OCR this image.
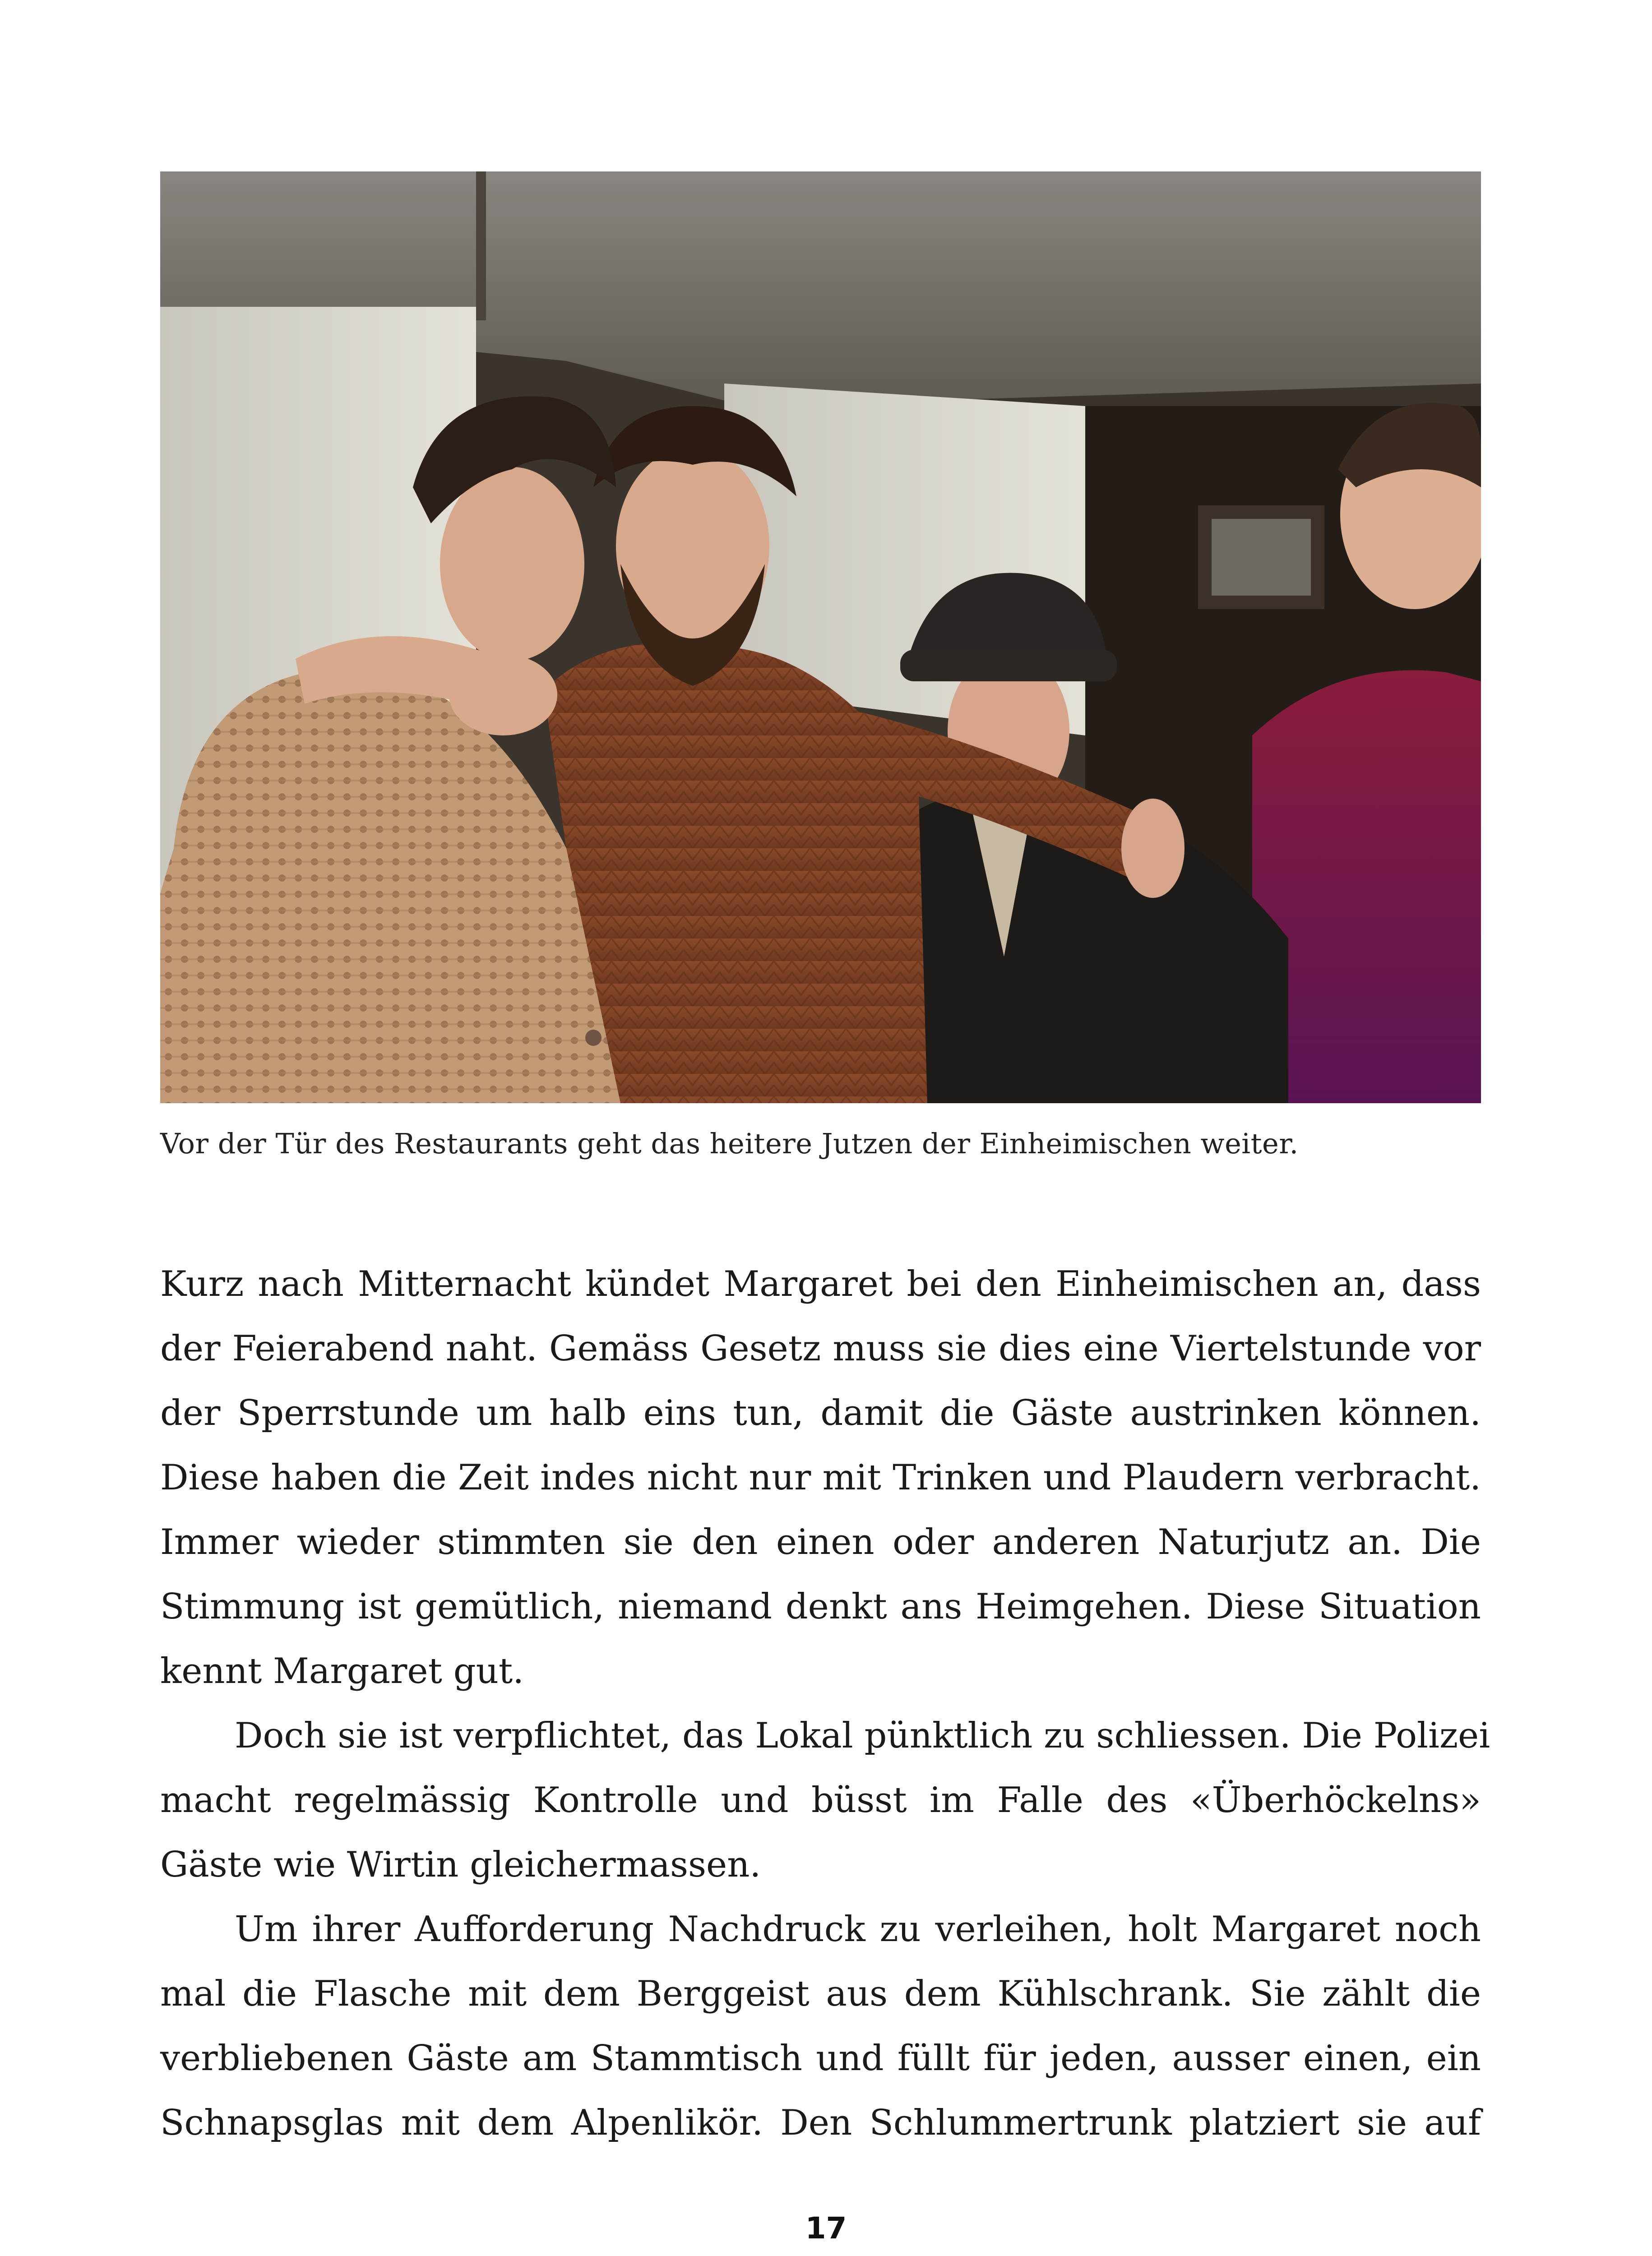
Vor der Tür des Restaurants geht das heitere Jutzen der Einheimischen weiter.
Kurz nach Mitternacht kündet Margaret bei den Einheimischen an, dass
der Feierabend naht. Gemäss Gesetz muss sie dies eine Viertelstunde vor
der Sperrstunde um halb eins tun, damit die Gäste austrinken können.
Diese haben die Zeit indes nicht nur mit Trinken und Plaudern verbracht.
Immer wieder stimmten sie den einen oder anderen Naturjutz an. Die
Stimmung ist gemütlich, niemand denkt ans Heimgehen. Diese Situation
kennt Margaret gut.
Doch sie ist verpflichtet, das Lokal pünktlich zu schliessen. Die Polizei
macht regelmässig Kontrolle und büsst im Falle des «Überhöckelns»
Gäste wie Wirtin gleichermassen.
Um ihrer Aufforderung Nachdruck zu verleihen, holt Margaret noch
mal die Flasche mit dem Berggeist aus dem Kühlschrank. Sie zählt die
verbliebenen Gäste am Stammtisch und füllt für jeden, ausser einen, ein
Schnapsglas mit dem Alpenlikör. Den Schlummertrunk platziert sie auf
17
